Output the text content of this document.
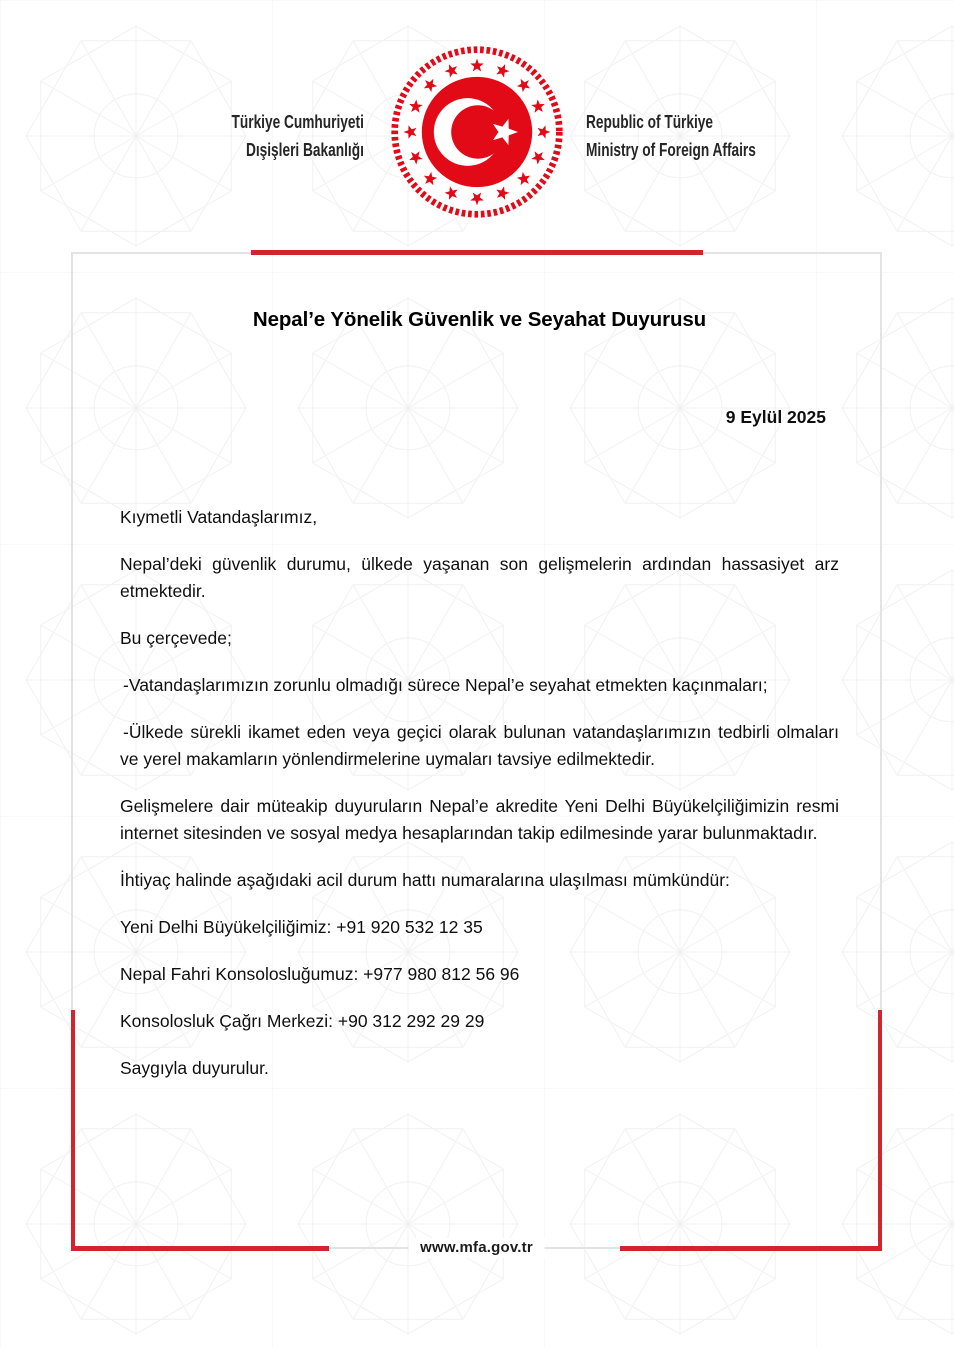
Türkiye Cumhuriyeti
Dışişleri Bakanlığı
Republic of Türkiye
Ministry of Foreign Affairs
Nepal’e Yönelik Güvenlik ve Seyahat Duyurusu
9 Eylül 2025

Kıymetli Vatandaşlarımız,

Nepal’deki güvenlik durumu, ülkede yaşanan son gelişmelerin ardından hassasiyet arz etmektedir.

Bu çerçevede;

-Vatandaşlarımızın zorunlu olmadığı sürece Nepal’e seyahat etmekten kaçınmaları;

-Ülkede sürekli ikamet eden veya geçici olarak bulunan vatandaşlarımızın tedbirli olmaları ve yerel makamların yönlendirmelerine uymaları tavsiye edilmektedir.

Gelişmelere dair müteakip duyuruların Nepal’e akredite Yeni Delhi Büyükelçiliğimizin resmi internet sitesinden ve sosyal medya hesaplarından takip edilmesinde yarar bulunmaktadır.

İhtiyaç halinde aşağıdaki acil durum hattı numaralarına ulaşılması mümkündür:

Yeni Delhi Büyükelçiliğimiz: +91 920 532 12 35

Nepal Fahri Konsolosluğumuz: +977 980 812 56 96

Konsolosluk Çağrı Merkezi: +90 312 292 29 29

Saygıyla duyurulur.

www.mfa.gov.tr
